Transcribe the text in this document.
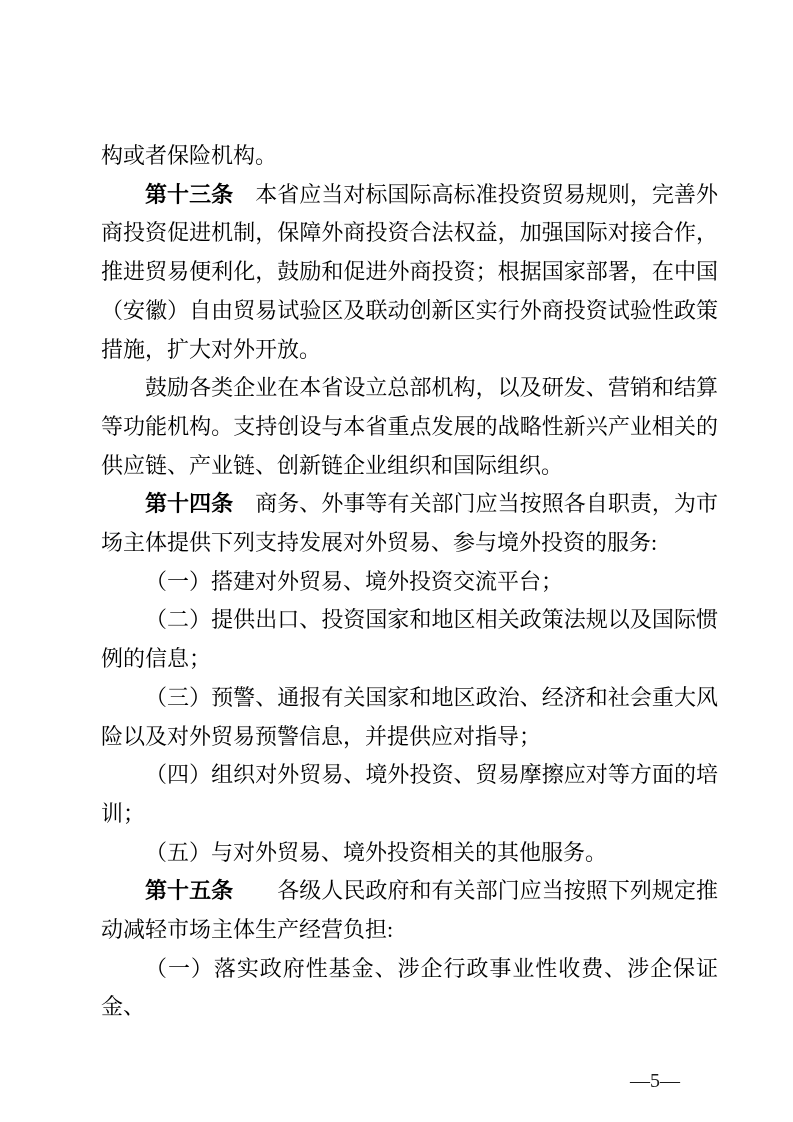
构或者保险机构。

第十三条　 本省应当对标国际高标准投资贸易规则，完善外商投资促进机制，保障外商投资合法权益，加强国际对接合作，推进贸易便利化，鼓励和促进外商投资；根据国家部署，在中国（安徽）自由贸易试验区及联动创新区实行外商投资试验性政策措施，扩大对外开放。

鼓励各类企业在本省设立总部机构，以及研发、营销和结算等功能机构。支持创设与本省重点发展的战略性新兴产业相关的供应链、产业链、创新链企业组织和国际组织。

第十四条　 商务、外事等有关部门应当按照各自职责，为市场主体提供下列支持发展对外贸易、参与境外投资的服务:

（一）搭建对外贸易、境外投资交流平台；

（二）提供出口、投资国家和地区相关政策法规以及国际惯例的信息；

（三）预警、通报有关国家和地区政治、经济和社会重大风险以及对外贸易预警信息，并提供应对指导；

（四）组织对外贸易、境外投资、贸易摩擦应对等方面的培训；

（五）与对外贸易、境外投资相关的其他服务。

第十五条　　 各级人民政府和有关部门应当按照下列规定推动减轻市场主体生产经营负担:

（一）落实政府性基金、涉企行政事业性收费、涉企保证金、

—5—
